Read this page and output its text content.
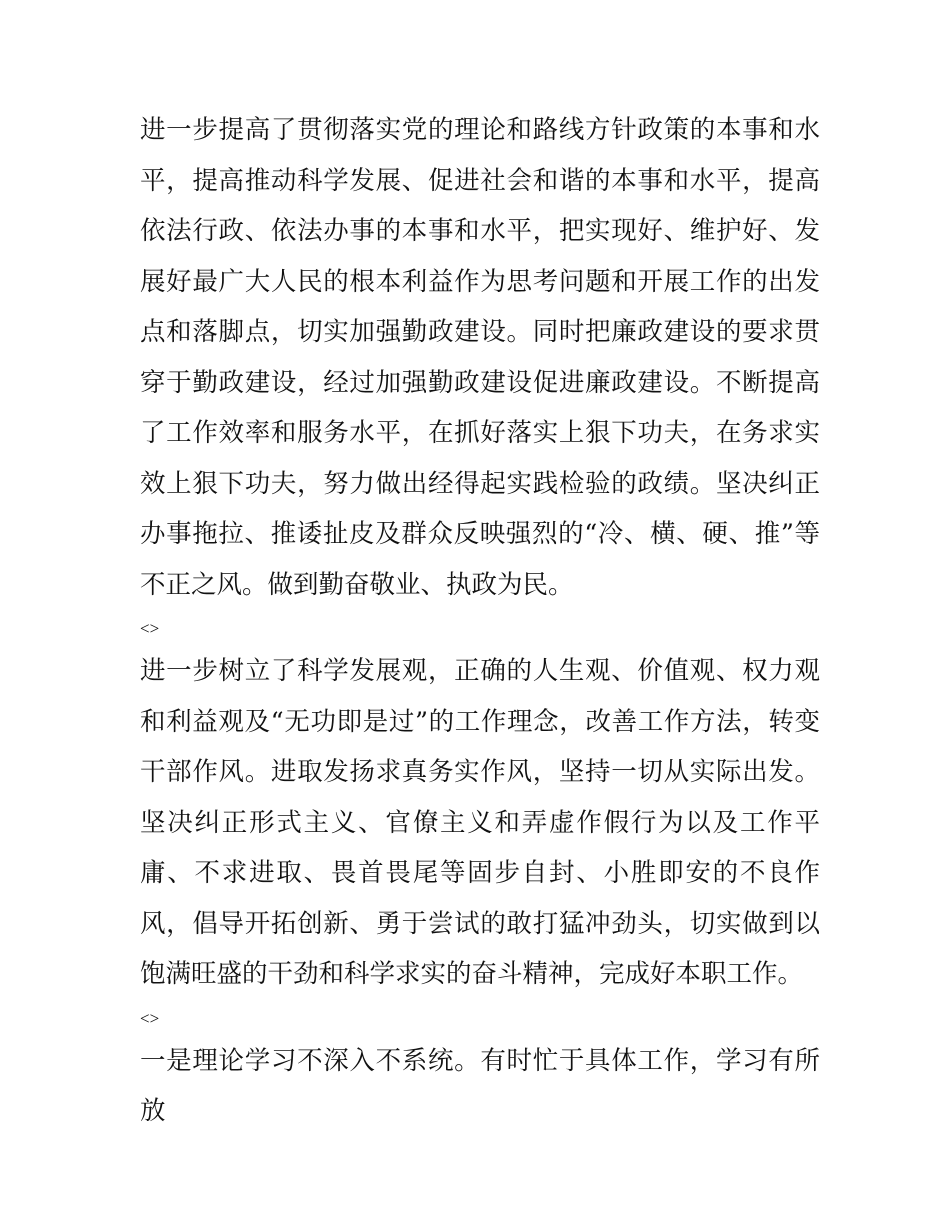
进一步提高了贯彻落实党的理论和路线方针政策的本事和水平，提高推动科学发展、促进社会和谐的本事和水平，提高依法行政、依法办事的本事和水平，把实现好、维护好、发展好最广大人民的根本利益作为思考问题和开展工作的出发点和落脚点，切实加强勤政建设。同时把廉政建设的要求贯穿于勤政建设，经过加强勤政建设促进廉政建设。不断提高了工作效率和服务水平，在抓好落实上狠下功夫，在务求实效上狠下功夫，努力做出经得起实践检验的政绩。坚决纠正办事拖拉、推诿扯皮及群众反映强烈的“冷、横、硬、推”等不正之风。做到勤奋敬业、执政为民。

<>

进一步树立了科学发展观，正确的人生观、价值观、权力观和利益观及“无功即是过”的工作理念，改善工作方法，转变干部作风。进取发扬求真务实作风，坚持一切从实际出发。坚决纠正形式主义、官僚主义和弄虚作假行为以及工作平庸、不求进取、畏首畏尾等固步自封、小胜即安的不良作风，倡导开拓创新、勇于尝试的敢打猛冲劲头，切实做到以饱满旺盛的干劲和科学求实的奋斗精神，完成好本职工作。

<>

一是理论学习不深入不系统。有时忙于具体工作，学习有所放
